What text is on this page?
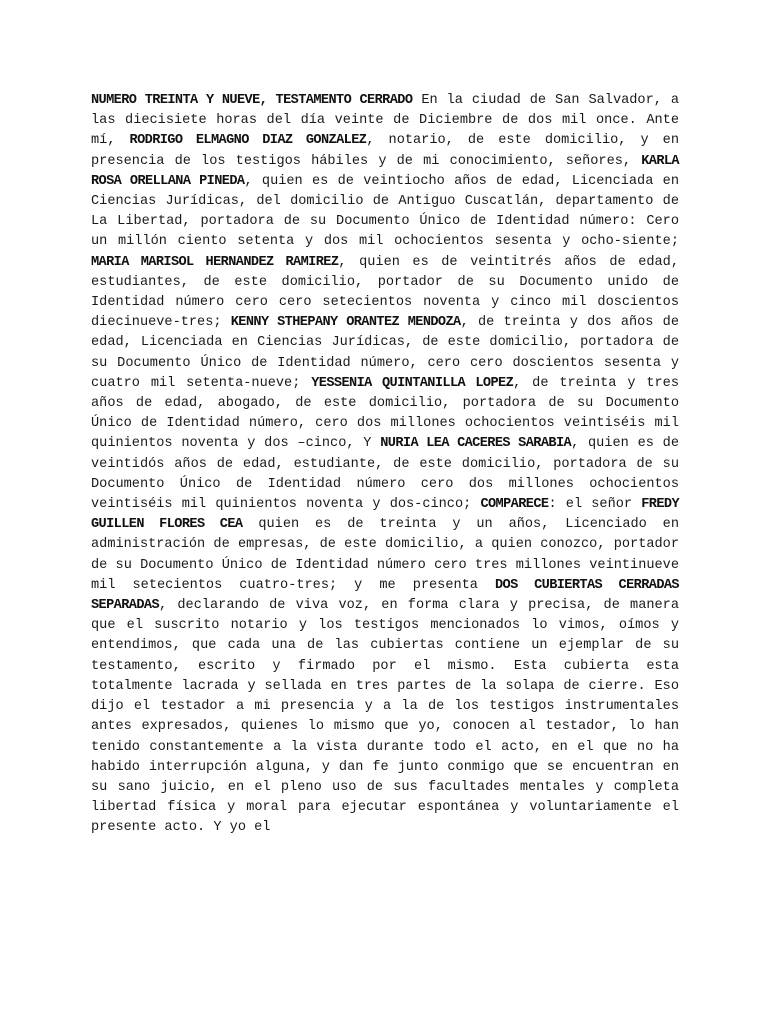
NUMERO TREINTA Y NUEVE, TESTAMENTO CERRADO En la ciudad de San Salvador, a las diecisiete horas del día veinte de Diciembre de dos mil once. Ante mí, RODRIGO ELMAGNO DIAZ GONZALEZ, notario, de este domicilio, y en presencia de los testigos hábiles y de mi conocimiento, señores, KARLA ROSA ORELLANA PINEDA, quien es de veintiocho años de edad, Licenciada en Ciencias Jurídicas, del domicilio de Antiguo Cuscatlán, departamento de La Libertad, portadora de su Documento Único de Identidad número: Cero un millón ciento setenta y dos mil ochocientos sesenta y ocho-siente; MARIA MARISOL HERNANDEZ RAMIREZ, quien es de veintitrés años de edad, estudiantes, de este domicilio, portador de su Documento unido de Identidad número cero cero setecientos noventa y cinco mil doscientos diecinueve-tres; KENNY STHEPANY ORANTEZ MENDOZA, de treinta y dos años de edad, Licenciada en Ciencias Jurídicas, de este domicilio, portadora de su Documento Único de Identidad número, cero cero doscientos sesenta y cuatro mil setenta-nueve; YESSENIA QUINTANILLA LOPEZ, de treinta y tres años de edad, abogado, de este domicilio, portadora de su Documento Único de Identidad número, cero dos millones ochocientos veintiséis mil quinientos noventa y dos –cinco, Y NURIA LEA CACERES SARABIA, quien es de veintidós años de edad, estudiante, de este domicilio, portadora de su Documento Único de Identidad número cero dos millones ochocientos veintiséis mil quinientos noventa y dos-cinco; COMPARECE: el señor FREDY GUILLEN FLORES CEA quien es de treinta y un años, Licenciado en administración de empresas, de este domicilio, a quien conozco, portador de su Documento Único de Identidad número cero tres millones veintinueve mil setecientos cuatro-tres; y me presenta DOS CUBIERTAS CERRADAS SEPARADAS, declarando de viva voz, en forma clara y precisa, de manera que el suscrito notario y los testigos mencionados lo vimos, oímos y entendimos, que cada una de las cubiertas contiene un ejemplar de su testamento, escrito y firmado por el mismo. Esta cubierta esta totalmente lacrada y sellada en tres partes de la solapa de cierre. Eso dijo el testador a mi presencia y a la de los testigos instrumentales antes expresados, quienes lo mismo que yo, conocen al testador, lo han tenido constantemente a la vista durante todo el acto, en el que no ha habido interrupción alguna, y dan fe junto conmigo que se encuentran en su sano juicio, en el pleno uso de sus facultades mentales y completa libertad física y moral para ejecutar espontánea y voluntariamente el presente acto. Y yo el
